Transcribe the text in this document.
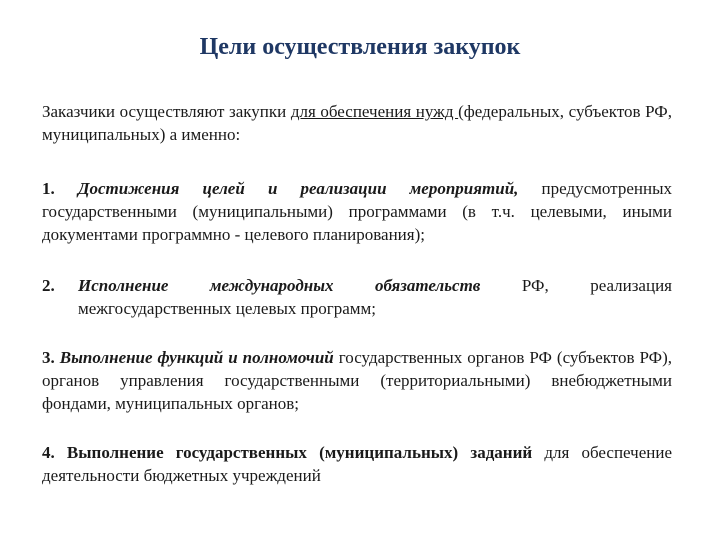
Цели осуществления закупок
Заказчики осуществляют закупки для обеспечения нужд (федеральных, субъектов РФ, муниципальных) а именно:
1. Достижения целей и реализации мероприятий, предусмотренных государственными (муниципальными) программами (в т.ч. целевыми, иными документами программно - целевого планирования);
2. Исполнение международных обязательств РФ, реализация межгосударственных целевых программ;
3. Выполнение функций и полномочий государственных органов РФ (субъектов РФ), органов управления государственными (территориальными) внебюджетными фондами, муниципальных органов;
4. Выполнение государственных (муниципальных) заданий для обеспечение деятельности бюджетных учреждений
